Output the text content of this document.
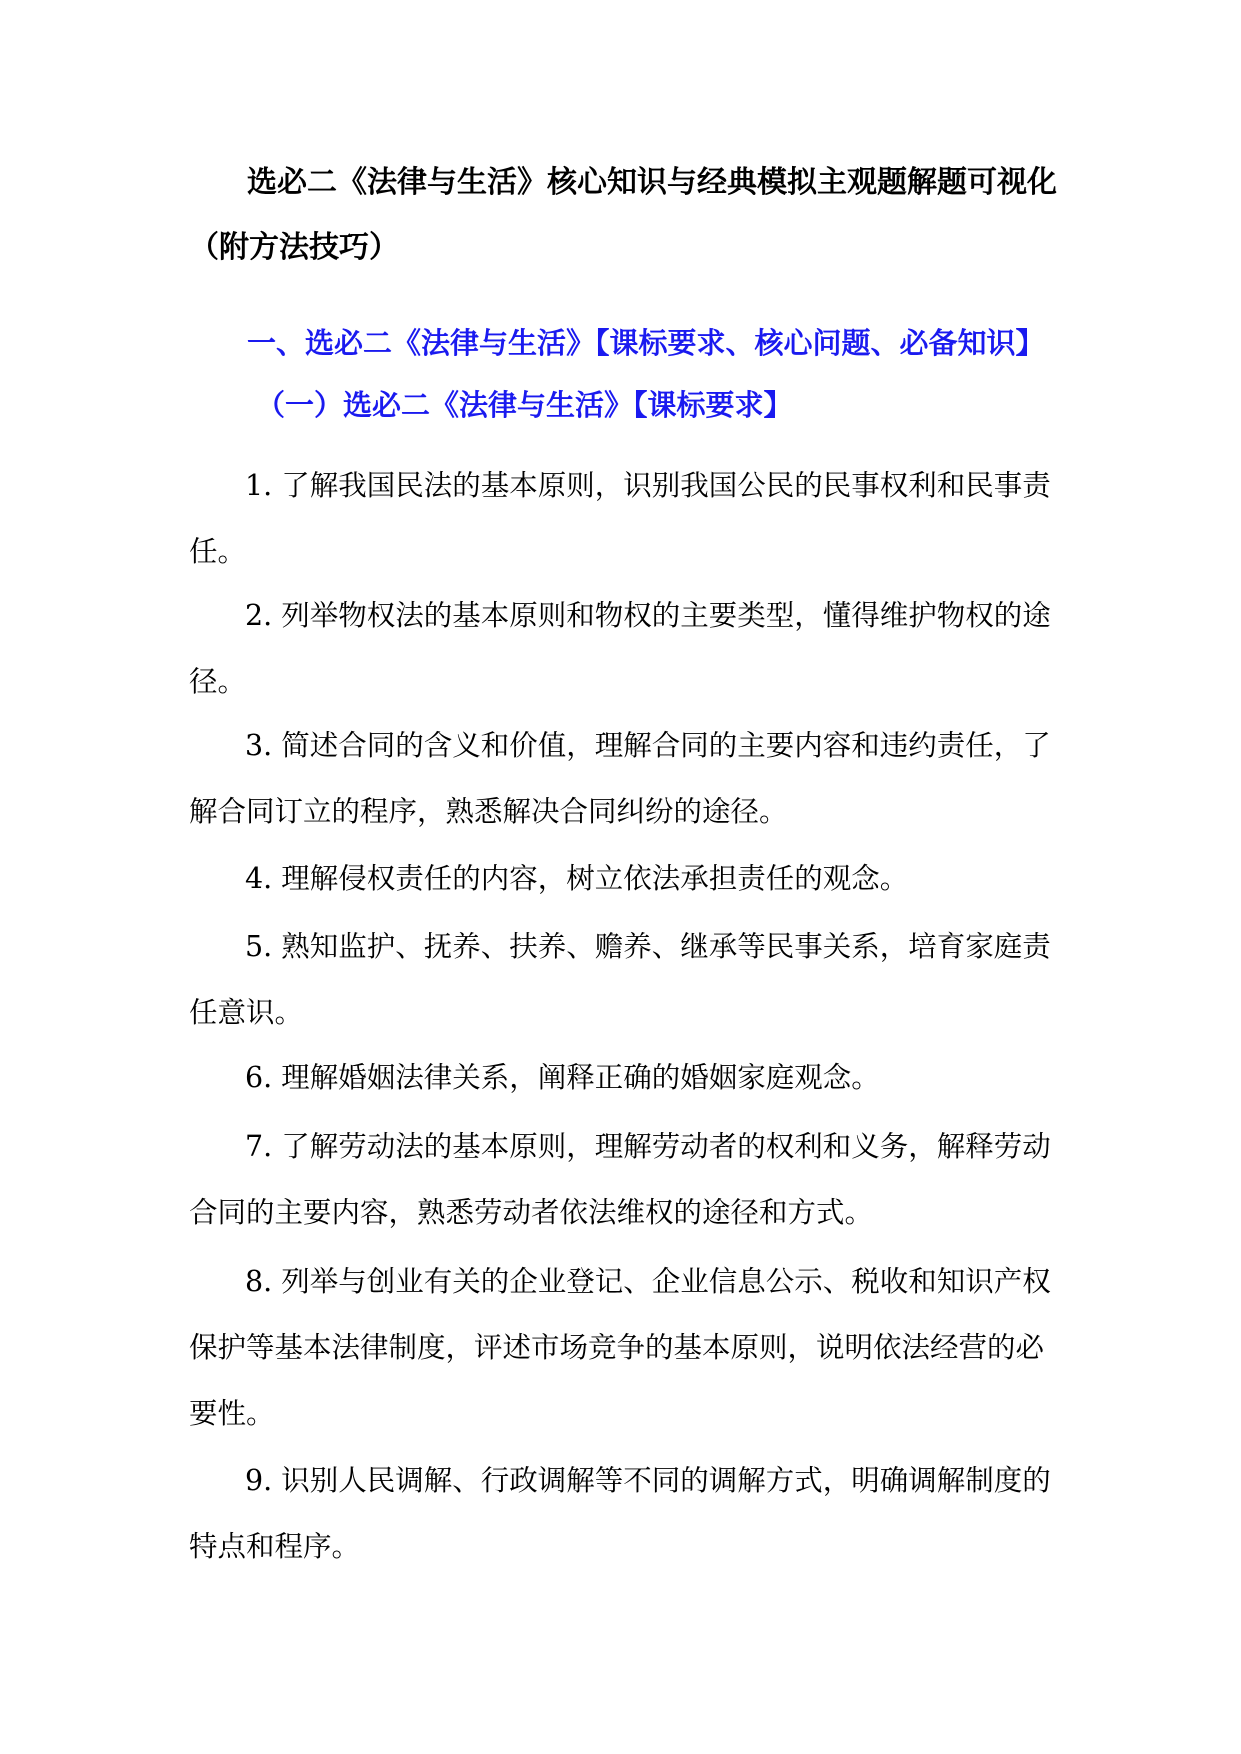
选必二《法律与生活》核心知识与经典模拟主观题解题可视化
（附方法技巧）
一、选必二《法律与生活》【课标要求、核心问题、必备知识】
（一）选必二《法律与生活》【课标要求】

1. 了解我国民法的基本原则，识别我国公民的民事权利和民事责任。

2. 列举物权法的基本原则和物权的主要类型，懂得维护物权的途径。

3. 简述合同的含义和价值，理解合同的主要内容和违约责任，了解合同订立的程序，熟悉解决合同纠纷的途径。

4. 理解侵权责任的内容，树立依法承担责任的观念。

5. 熟知监护、抚养、扶养、赡养、继承等民事关系，培育家庭责任意识。

6. 理解婚姻法律关系，阐释正确的婚姻家庭观念。

7. 了解劳动法的基本原则，理解劳动者的权利和义务，解释劳动合同的主要内容，熟悉劳动者依法维权的途径和方式。

8. 列举与创业有关的企业登记、企业信息公示、税收和知识产权保护等基本法律制度，评述市场竞争的基本原则，说明依法经营的必要性。

9. 识别人民调解、行政调解等不同的调解方式，明确调解制度的特点和程序。
